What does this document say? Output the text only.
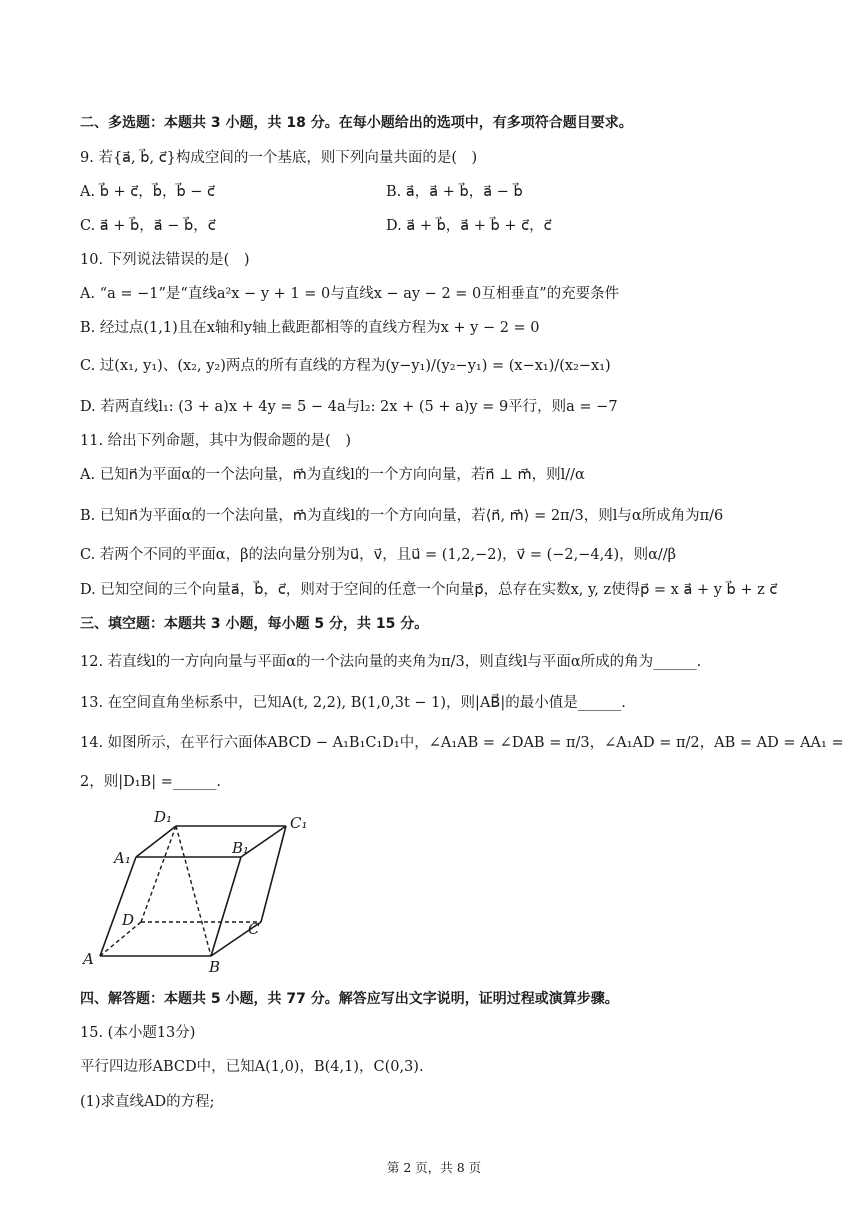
二、多选题：本题共 3 小题，共 18 分。在每小题给出的选项中，有多项符合题目要求。
9. 若{a⃗, b⃗, c⃗}构成空间的一个基底，则下列向量共面的是(　)
A. b⃗ + c⃗，b⃗，b⃗ − c⃗	B. a⃗，a⃗ + b⃗，a⃗ − b⃗
C. a⃗ + b⃗，a⃗ − b⃗，c⃗	D. a⃗ + b⃗，a⃗ + b⃗ + c⃗，c⃗
10. 下列说法错误的是(　)
A. “a = −1”是“直线a²x − y + 1 = 0与直线x − ay − 2 = 0互相垂直”的充要条件
B. 经过点(1,1)且在x轴和y轴上截距都相等的直线方程为x + y − 2 = 0
C. 过(x₁, y₁)、(x₂, y₂)两点的所有直线的方程为(y−y₁)/(y₂−y₁) = (x−x₁)/(x₂−x₁)
D. 若两直线l₁: (3 + a)x + 4y = 5 − 4a与l₂: 2x + (5 + a)y = 9平行，则a = −7
11. 给出下列命题，其中为假命题的是(　)
A. 已知n⃗为平面α的一个法向量，m⃗为直线l的一个方向向量，若n⃗ ⊥ m⃗，则l//α
B. 已知n⃗为平面α的一个法向量，m⃗为直线l的一个方向向量，若⟨n⃗, m⃗⟩ = 2π/3，则l与α所成角为π/6
C. 若两个不同的平面α，β的法向量分别为u⃗，v⃗，且u⃗ = (1,2,−2)，v⃗ = (−2,−4,4)，则α//β
D. 已知空间的三个向量a⃗，b⃗，c⃗，则对于空间的任意一个向量p⃗，总存在实数x, y, z使得p⃗ = x a⃗ + y b⃗ + z c⃗
三、填空题：本题共 3 小题，每小题 5 分，共 15 分。
12. 若直线l的一方向向量与平面α的一个法向量的夹角为π/3，则直线l与平面α所成的角为______.
13. 在空间直角坐标系中，已知A(t, 2,2), B(1,0,3t − 1)，则|AB⃗|的最小值是______.
14. 如图所示，在平行六面体ABCD − A₁B₁C₁D₁中，∠A₁AB = ∠DAB = π/3，∠A₁AD = π/2，AB = AD = AA₁ =
2，则|D₁B| =______.
D₁	C₁
A₁
B₁
D	C
A	B
四、解答题：本题共 5 小题，共 77 分。解答应写出文字说明，证明过程或演算步骤。
15. (本小题13分)
平行四边形ABCD中，已知A(1,0)，B(4,1)，C(0,3).
(1)求直线AD的方程;
第 2 页，共 8 页
